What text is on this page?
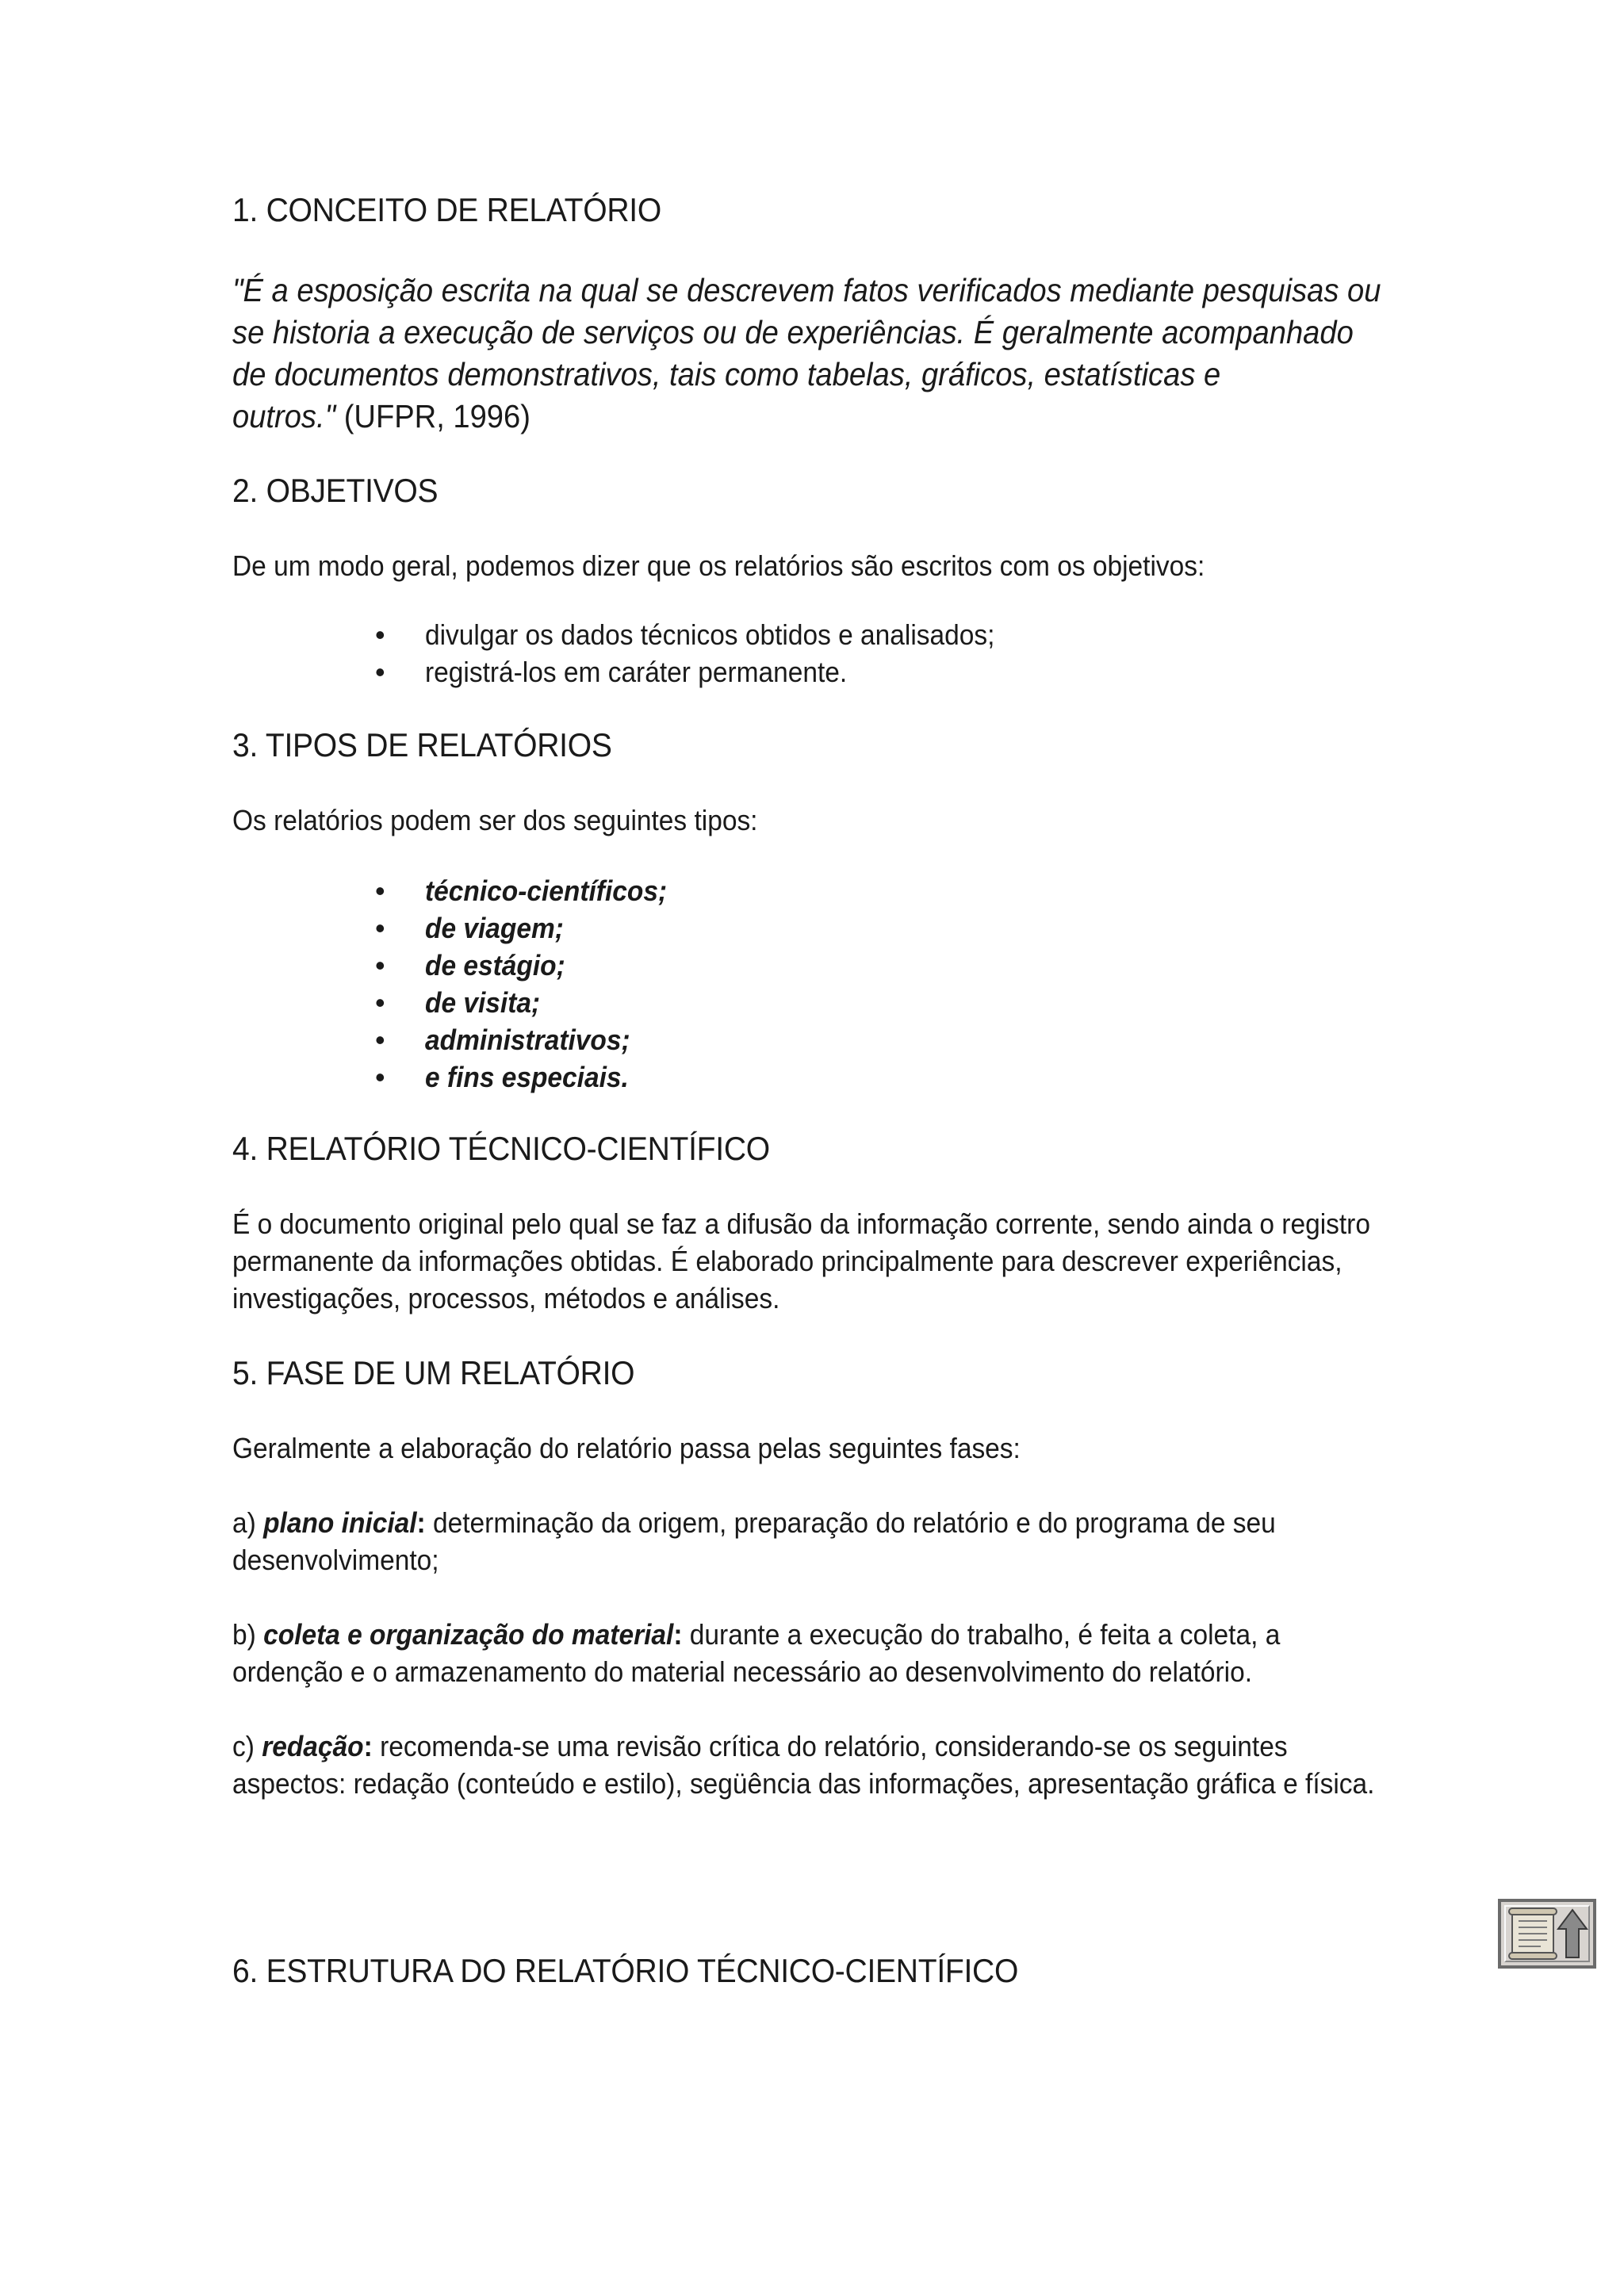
1. CONCEITO DE RELATÓRIO
"É a esposição escrita na qual se descrevem fatos verificados mediante pesquisas ou
se historia a execução de serviços ou de experiências. É geralmente acompanhado
de documentos demonstrativos, tais como tabelas, gráficos, estatísticas e
outros." (UFPR, 1996)
2. OBJETIVOS

De um modo geral, podemos dizer que os relatórios são escritos com os objetivos:

• divulgar os dados técnicos obtidos e analisados;
• registrá-los em caráter permanente.
3. TIPOS DE RELATÓRIOS

Os relatórios podem ser dos seguintes tipos:

• técnico-científicos;
• de viagem;
• de estágio;
• de visita;
• administrativos;
• e fins especiais.
4. RELATÓRIO TÉCNICO-CIENTÍFICO
É o documento original pelo qual se faz a difusão da informação corrente, sendo ainda o registro
permanente da informações obtidas. É elaborado principalmente para descrever experiências,
investigações, processos, métodos e análises.
5. FASE DE UM RELATÓRIO

Geralmente a elaboração do relatório passa pelas seguintes fases:

a) plano inicial: determinação da origem, preparação do relatório e do programa de seu
desenvolvimento;
b) coleta e organização do material: durante a execução do trabalho, é feita a coleta, a
ordenção e o armazenamento do material necessário ao desenvolvimento do relatório.
c) redação: recomenda-se uma revisão crítica do relatório, considerando-se os seguintes
aspectos: redação (conteúdo e estilo), següência das informações, apresentação gráfica e física.
6. ESTRUTURA DO RELATÓRIO TÉCNICO-CIENTÍFICO
